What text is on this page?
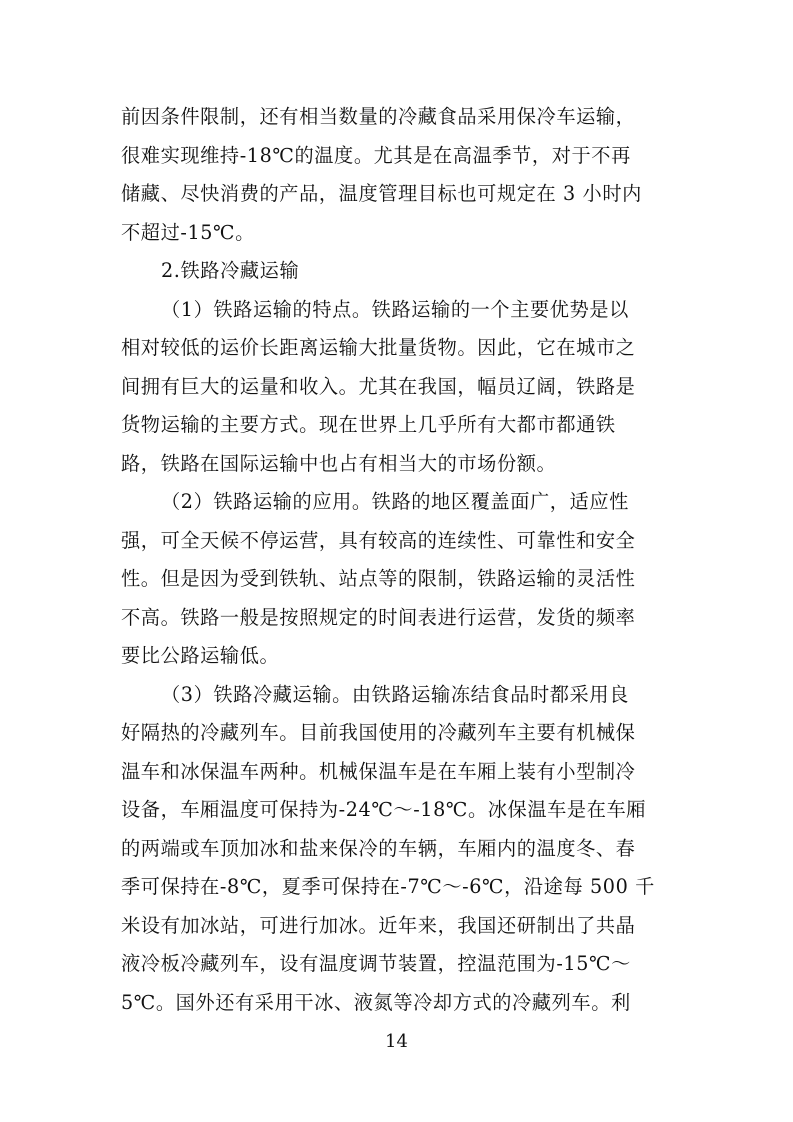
前因条件限制，还有相当数量的冷藏食品采用保冷车运输，
很难实现维持-18℃的温度。尤其是在高温季节，对于不再
储藏、尽快消费的产品，温度管理目标也可规定在 3 小时内
不超过-15℃。
2.铁路冷藏运输
（1）铁路运输的特点。铁路运输的一个主要优势是以
相对较低的运价长距离运输大批量货物。因此，它在城市之
间拥有巨大的运量和收入。尤其在我国，幅员辽阔，铁路是
货物运输的主要方式。现在世界上几乎所有大都市都通铁
路，铁路在国际运输中也占有相当大的市场份额。
（2）铁路运输的应用。铁路的地区覆盖面广，适应性
强，可全天候不停运营，具有较高的连续性、可靠性和安全
性。但是因为受到铁轨、站点等的限制，铁路运输的灵活性
不高。铁路一般是按照规定的时间表进行运营，发货的频率
要比公路运输低。
（3）铁路冷藏运输。由铁路运输冻结食品时都采用良
好隔热的冷藏列车。目前我国使用的冷藏列车主要有机械保
温车和冰保温车两种。机械保温车是在车厢上装有小型制冷
设备，车厢温度可保持为-24℃～-18℃。冰保温车是在车厢
的两端或车顶加冰和盐来保冷的车辆，车厢内的温度冬、春
季可保持在-8℃，夏季可保持在-7℃～-6℃，沿途每 500 千
米设有加冰站，可进行加冰。近年来，我国还研制出了共晶
液冷板冷藏列车，设有温度调节装置，控温范围为-15℃～
5℃。国外还有采用干冰、液氮等冷却方式的冷藏列车。利
14
